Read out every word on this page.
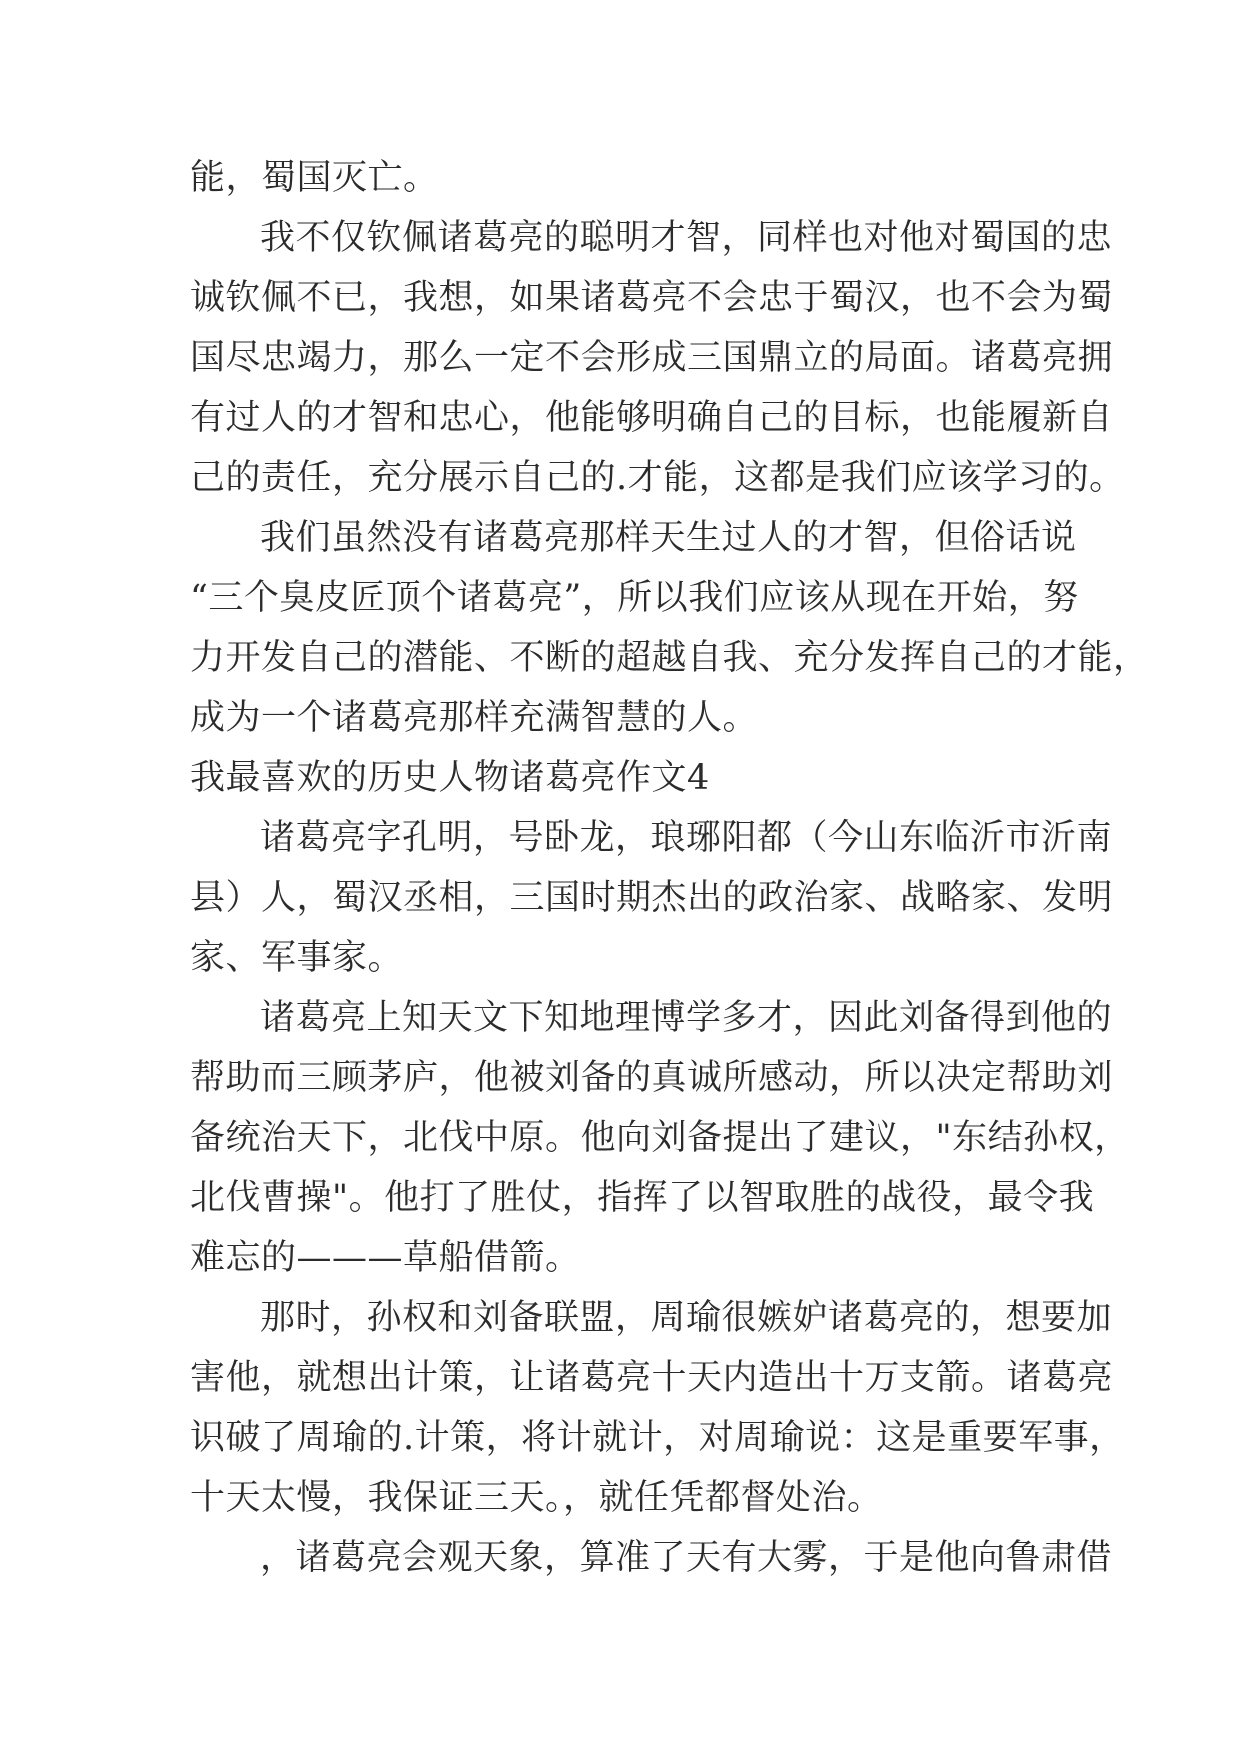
能，蜀国灭亡。
我不仅钦佩诸葛亮的聪明才智，同样也对他对蜀国的忠
诚钦佩不已，我想，如果诸葛亮不会忠于蜀汉，也不会为蜀
国尽忠竭力，那么一定不会形成三国鼎立的局面。诸葛亮拥
有过人的才智和忠心，他能够明确自己的目标，也能履新自
己的责任，充分展示自己的.才能，这都是我们应该学习的。
我们虽然没有诸葛亮那样天生过人的才智，但俗话说
“三个臭皮匠顶个诸葛亮”，所以我们应该从现在开始，努
力开发自己的潜能、不断的超越自我、充分发挥自己的才能，
成为一个诸葛亮那样充满智慧的人。
我最喜欢的历史人物诸葛亮作文4
诸葛亮字孔明，号卧龙，琅琊阳都（今山东临沂市沂南
县）人，蜀汉丞相，三国时期杰出的政治家、战略家、发明
家、军事家。
诸葛亮上知天文下知地理博学多才，因此刘备得到他的
帮助而三顾茅庐，他被刘备的真诚所感动，所以决定帮助刘
备统治天下，北伐中原。他向刘备提出了建议，"东结孙权，
北伐曹操"。他打了胜仗，指挥了以智取胜的战役，最令我
难忘的———草船借箭。
那时，孙权和刘备联盟，周瑜很嫉妒诸葛亮的，想要加
害他，就想出计策，让诸葛亮十天内造出十万支箭。诸葛亮
识破了周瑜的.计策，将计就计，对周瑜说：这是重要军事，
十天太慢，我保证三天。，就任凭都督处治。
，诸葛亮会观天象，算准了天有大雾，于是他向鲁肃借
